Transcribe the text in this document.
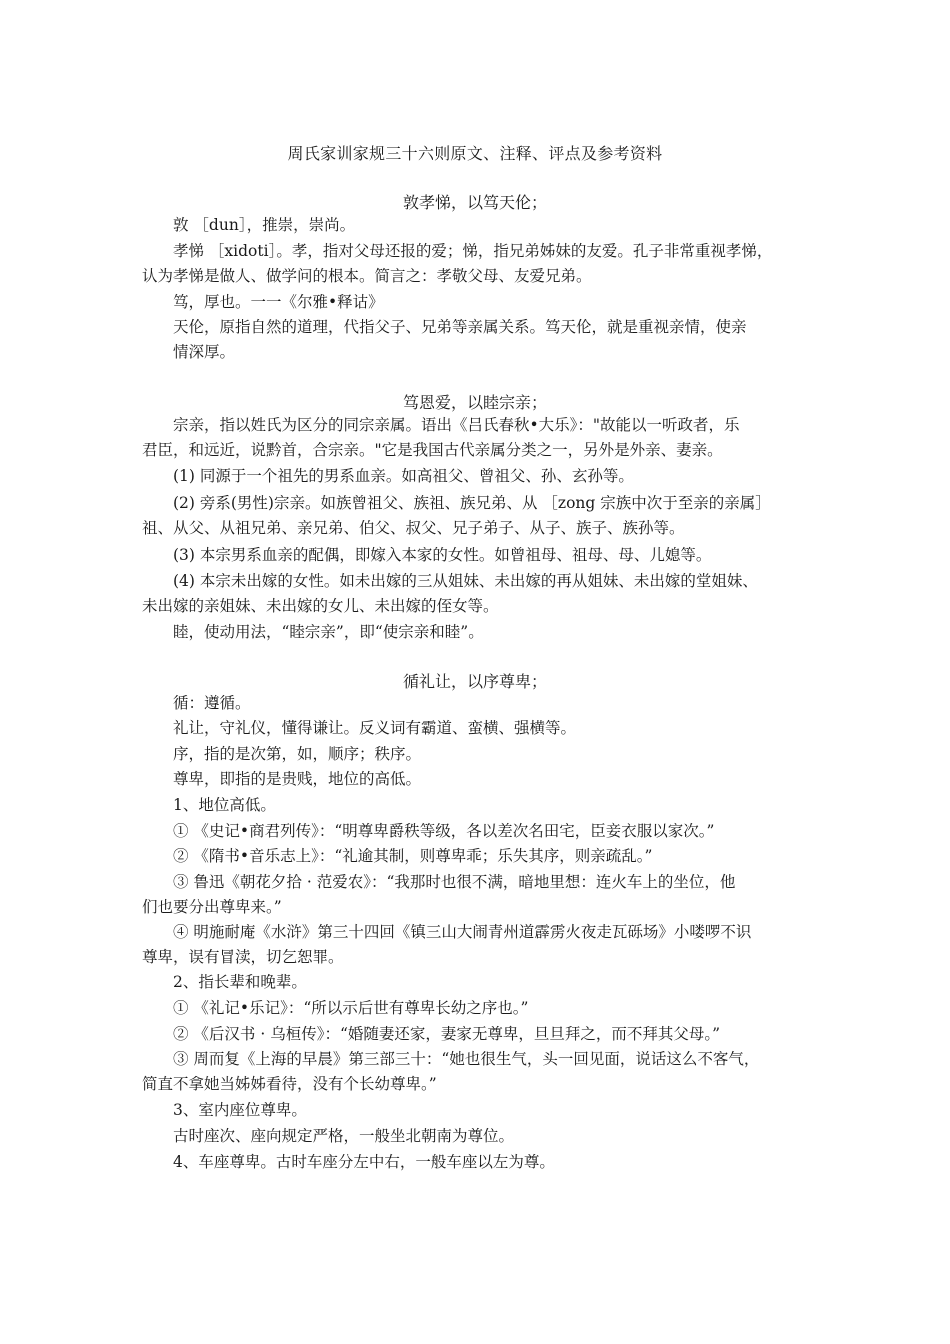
周氏家训家规三十六则原文、注释、评点及参考资料
敦孝悌，以笃天伦；
敦 ［dun］，推崇，崇尚。
孝悌 ［xidoti］。孝，指对父母还报的爱；悌，指兄弟姊妹的友爱。孔子非常重视孝悌，
认为孝悌是做人、做学问的根本。简言之：孝敬父母、友爱兄弟。
笃，厚也。一一《尔雅•释诂》
天伦，原指自然的道理，代指父子、兄弟等亲属关系。笃天伦，就是重视亲情，使亲
情深厚。
笃恩爱，以睦宗亲；
宗亲，指以姓氏为区分的同宗亲属。语出《吕氏春秋•大乐》："故能以一听政者，乐
君臣，和远近，说黔首，合宗亲。"它是我国古代亲属分类之一，另外是外亲、妻亲。
(1) 同源于一个祖先的男系血亲。如高祖父、曾祖父、孙、玄孙等。
(2) 旁系(男性)宗亲。如族曾祖父、族祖、族兄弟、从 ［zong 宗族中次于至亲的亲属］
祖、从父、从祖兄弟、亲兄弟、伯父、叔父、兄子弟子、从子、族子、族孙等。
(3) 本宗男系血亲的配偶，即嫁入本家的女性。如曾祖母、祖母、母、儿媳等。
(4) 本宗未出嫁的女性。如未出嫁的三从姐妹、未出嫁的再从姐妹、未出嫁的堂姐妹、
未出嫁的亲姐妹、未出嫁的女儿、未出嫁的侄女等。
睦，使动用法，“睦宗亲”，即“使宗亲和睦”。
循礼让，以序尊卑；
循：遵循。
礼让，守礼仪，懂得谦让。反义词有霸道、蛮横、强横等。
序，指的是次第，如，顺序；秩序。
尊卑，即指的是贵贱，地位的高低。
1、地位高低。
① 《史记•商君列传》：“明尊卑爵秩等级，各以差次名田宅，臣妾衣服以家次。”
② 《隋书•音乐志上》：“礼逾其制，则尊卑乖；乐失其序，则亲疏乱。”
③ 鲁迅《朝花夕拾 · 范爱农》：“我那时也很不满，暗地里想：连火车上的坐位，他
们也要分出尊卑来。”
④ 明施耐庵《水浒》第三十四回《镇三山大闹青州道霹雳火夜走瓦砾场》小喽啰不识
尊卑，误有冒渎，切乞恕罪。
2、指长辈和晚辈。
① 《礼记•乐记》：“所以示后世有尊卑长幼之序也。”
② 《后汉书 · 乌桓传》：“婚随妻还家，妻家无尊卑，旦旦拜之，而不拜其父母。”
③ 周而复《上海的早晨》第三部三十：“她也很生气，头一回见面，说话这么不客气，
简直不拿她当姊姊看待，没有个长幼尊卑。”
3、室内座位尊卑。
古时座次、座向规定严格，一般坐北朝南为尊位。
4、车座尊卑。古时车座分左中右，一般车座以左为尊。
